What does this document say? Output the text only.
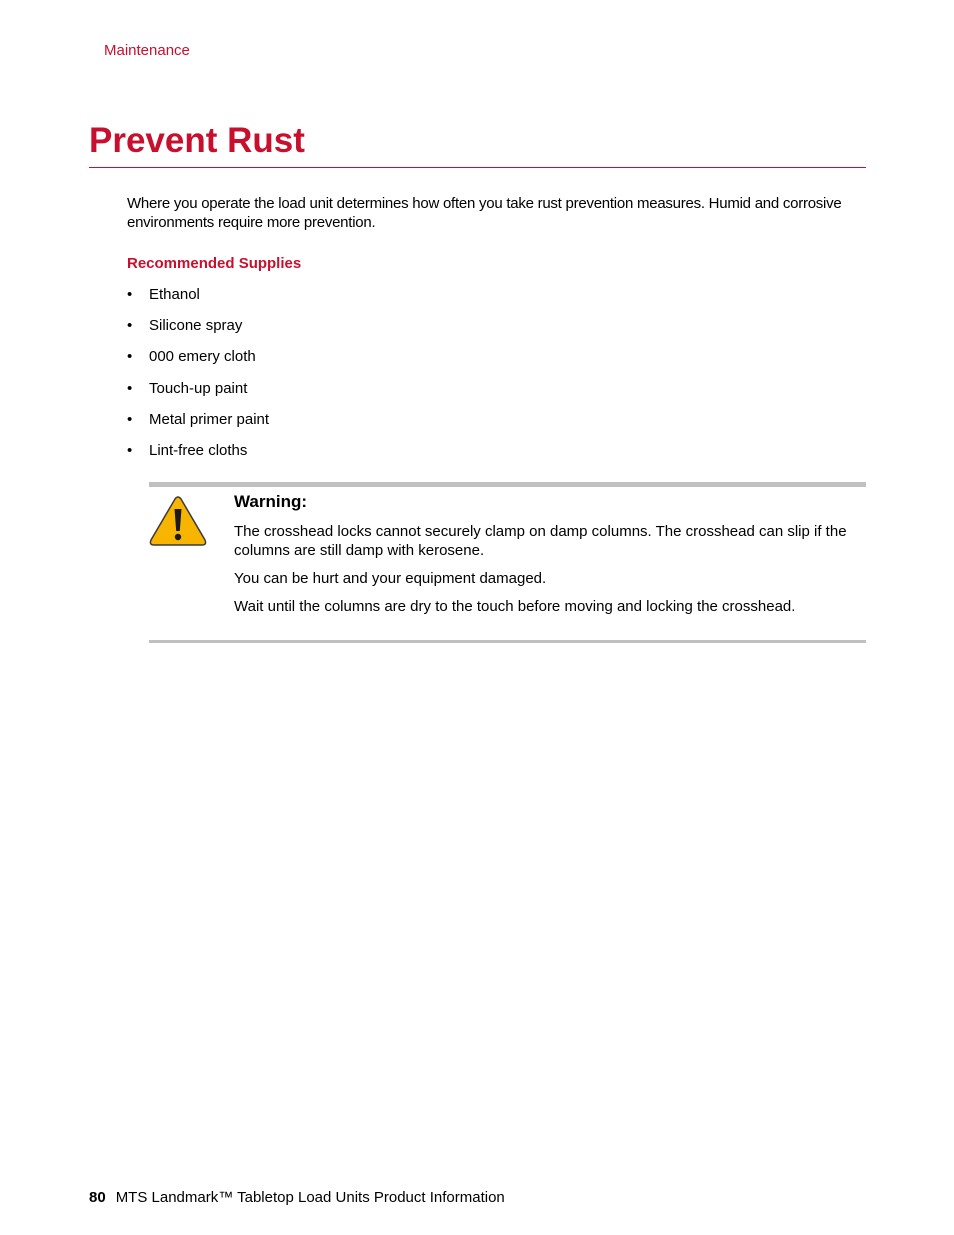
Maintenance
Prevent Rust

Where you operate the load unit determines how often you take rust prevention measures. Humid and corrosive environments require more prevention.

Recommended Supplies
• Ethanol
• Silicone spray
• 000 emery cloth
• Touch-up paint
• Metal primer paint
• Lint-free cloths
Warning:

The crosshead locks cannot securely clamp on damp columns. The crosshead can slip if the columns are still damp with kerosene.

You can be hurt and your equipment damaged.

Wait until the columns are dry to the touch before moving and locking the crosshead.

80 MTS Landmark™ Tabletop Load Units Product Information
